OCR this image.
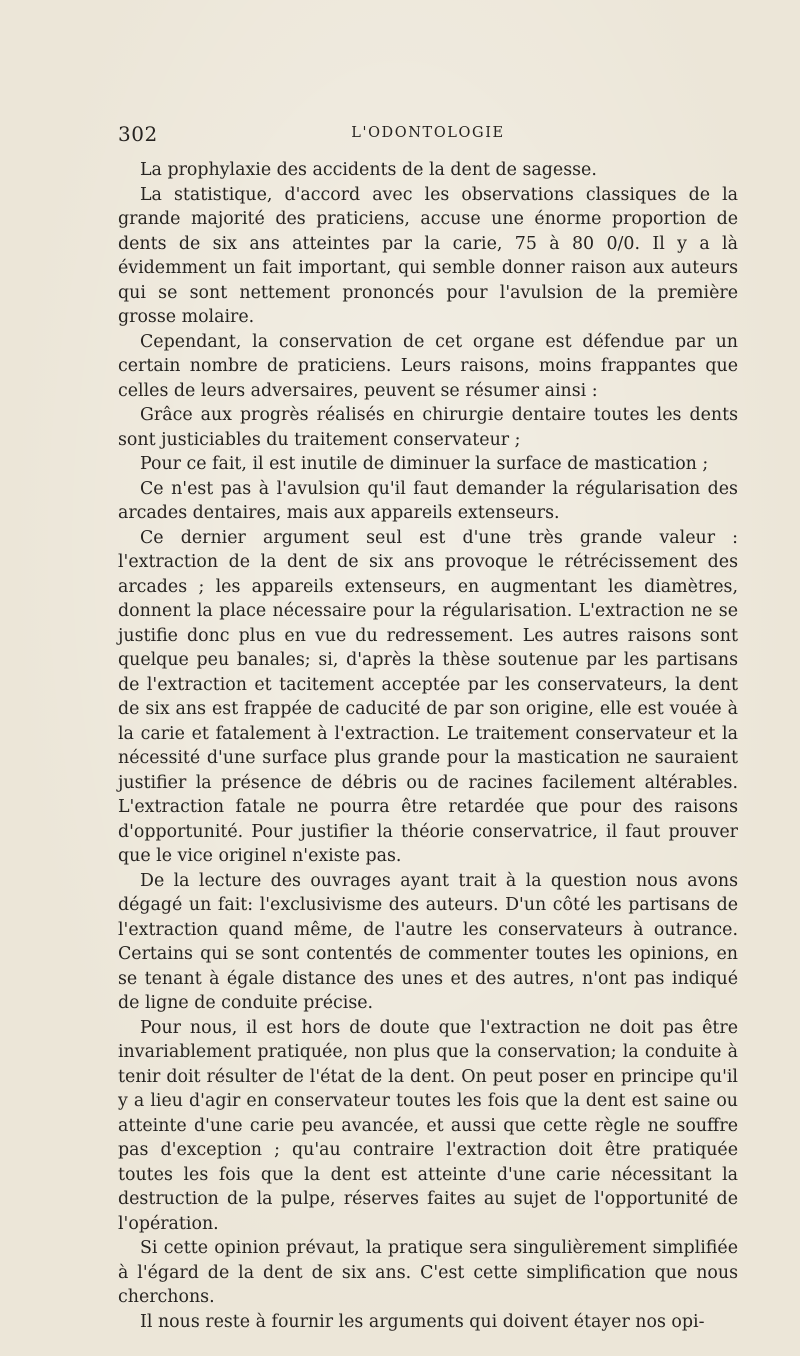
302	L'ODONTOLOGIE

La prophylaxie des accidents de la dent de sagesse.

La statistique, d'accord avec les observations classiques de la grande majorité des praticiens, accuse une énorme proportion de dents de six ans atteintes par la carie, 75 à 80 0/0. Il y a là évidemment un fait important, qui semble donner raison aux auteurs qui se sont nettement prononcés pour l'avulsion de la première grosse molaire.

Cependant, la conservation de cet organe est défendue par un certain nombre de praticiens. Leurs raisons, moins frappantes que celles de leurs adversaires, peuvent se résumer ainsi :

Grâce aux progrès réalisés en chirurgie dentaire toutes les dents sont justiciables du traitement conservateur ;

Pour ce fait, il est inutile de diminuer la surface de mastication ;

Ce n'est pas à l'avulsion qu'il faut demander la régularisation des arcades dentaires, mais aux appareils extenseurs.

Ce dernier argument seul est d'une très grande valeur : l'extraction de la dent de six ans provoque le rétrécissement des arcades ; les appareils extenseurs, en augmentant les diamètres, donnent la place nécessaire pour la régularisation. L'extraction ne se justifie donc plus en vue du redressement. Les autres raisons sont quelque peu banales; si, d'après la thèse soutenue par les partisans de l'extraction et tacitement acceptée par les conservateurs, la dent de six ans est frappée de caducité de par son origine, elle est vouée à la carie et fatalement à l'extraction. Le traitement conservateur et la nécessité d'une surface plus grande pour la mastication ne sauraient justifier la présence de débris ou de racines facilement altérables. L'extraction fatale ne pourra être retardée que pour des raisons d'opportunité. Pour justifier la théorie conservatrice, il faut prouver que le vice originel n'existe pas.

De la lecture des ouvrages ayant trait à la question nous avons dégagé un fait: l'exclusivisme des auteurs. D'un côté les partisans de l'extraction quand même, de l'autre les conservateurs à outrance. Certains qui se sont contentés de commenter toutes les opinions, en se tenant à égale distance des unes et des autres, n'ont pas indiqué de ligne de conduite précise.

Pour nous, il est hors de doute que l'extraction ne doit pas être invariablement pratiquée, non plus que la conservation; la conduite à tenir doit résulter de l'état de la dent. On peut poser en principe qu'il y a lieu d'agir en conservateur toutes les fois que la dent est saine ou atteinte d'une carie peu avancée, et aussi que cette règle ne souffre pas d'exception ; qu'au contraire l'extraction doit être pratiquée toutes les fois que la dent est atteinte d'une carie nécessitant la destruction de la pulpe, réserves faites au sujet de l'opportunité de l'opération.

Si cette opinion prévaut, la pratique sera singulièrement simplifiée à l'égard de la dent de six ans. C'est cette simplification que nous cherchons.

Il nous reste à fournir les arguments qui doivent étayer nos opi-
